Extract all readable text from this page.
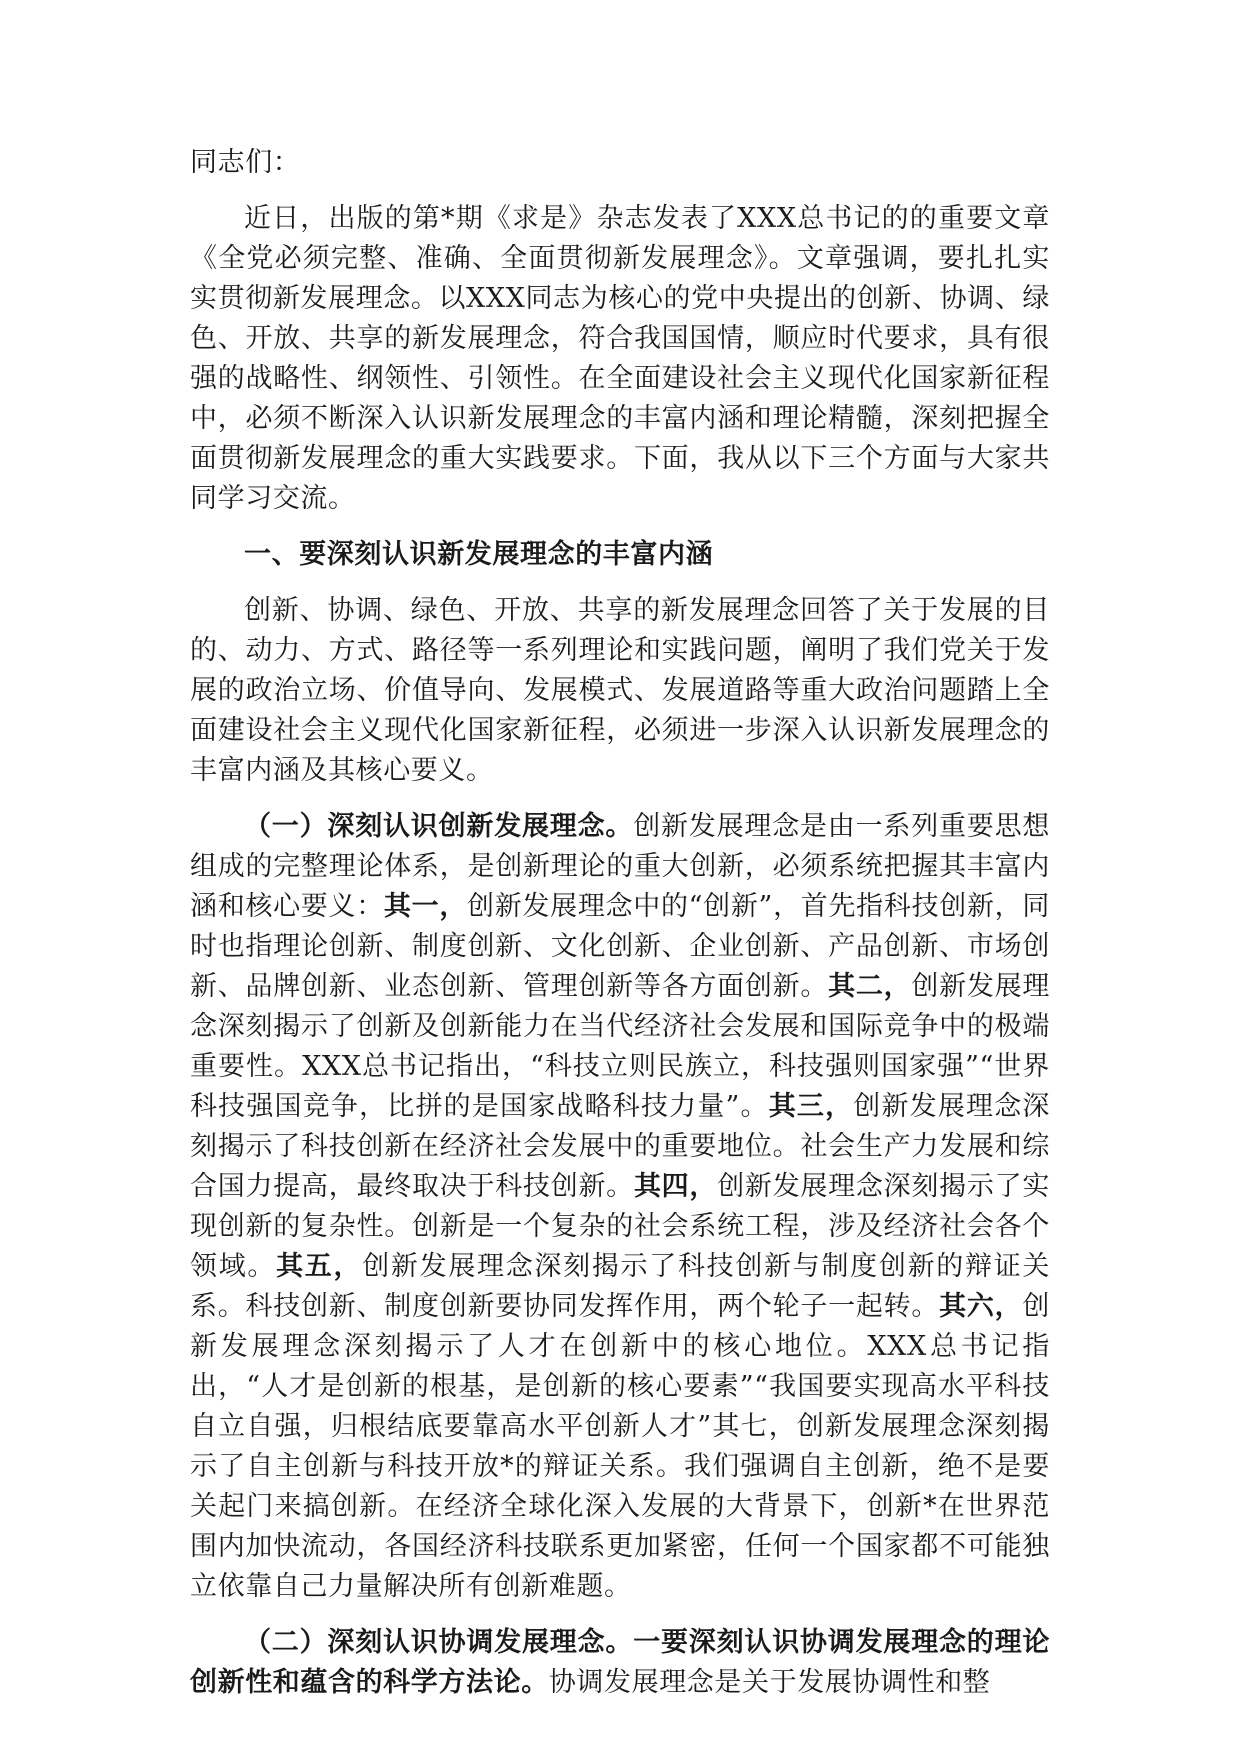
同志们：

近日，出版的第*期《求是》杂志发表了XXX总书记的的重要文章《全党必须完整、准确、全面贯彻新发展理念》。文章强调，要扎扎实实贯彻新发展理念。以XXX同志为核心的党中央提出的创新、协调、绿色、开放、共享的新发展理念，符合我国国情，顺应时代要求，具有很强的战略性、纲领性、引领性。在全面建设社会主义现代化国家新征程中，必须不断深入认识新发展理念的丰富内涵和理论精髓，深刻把握全面贯彻新发展理念的重大实践要求。下面，我从以下三个方面与大家共同学习交流。

一、要深刻认识新发展理念的丰富内涵

创新、协调、绿色、开放、共享的新发展理念回答了关于发展的目的、动力、方式、路径等一系列理论和实践问题，阐明了我们党关于发展的政治立场、价值导向、发展模式、发展道路等重大政治问题踏上全面建设社会主义现代化国家新征程，必须进一步深入认识新发展理念的丰富内涵及其核心要义。

（一）深刻认识创新发展理念。创新发展理念是由一系列重要思想组成的完整理论体系，是创新理论的重大创新，必须系统把握其丰富内涵和核心要义：其一，创新发展理念中的“创新”，首先指科技创新，同时也指理论创新、制度创新、文化创新、企业创新、产品创新、市场创新、品牌创新、业态创新、管理创新等各方面创新。其二，创新发展理念深刻揭示了创新及创新能力在当代经济社会发展和国际竞争中的极端重要性。XXX总书记指出，“科技立则民族立，科技强则国家强”“世界科技强国竞争，比拼的是国家战略科技力量”。其三，创新发展理念深刻揭示了科技创新在经济社会发展中的重要地位。社会生产力发展和综合国力提高，最终取决于科技创新。其四，创新发展理念深刻揭示了实现创新的复杂性。创新是一个复杂的社会系统工程，涉及经济社会各个领域。其五，创新发展理念深刻揭示了科技创新与制度创新的辩证关系。科技创新、制度创新要协同发挥作用，两个轮子一起转。其六，创新发展理念深刻揭示了人才在创新中的核心地位。XXX总书记指出，“人才是创新的根基，是创新的核心要素”“我国要实现高水平科技自立自强，归根结底要靠高水平创新人才”其七，创新发展理念深刻揭示了自主创新与科技开放*的辩证关系。我们强调自主创新，绝不是要关起门来搞创新。在经济全球化深入发展的大背景下，创新*在世界范围内加快流动，各国经济科技联系更加紧密，任何一个国家都不可能独立依靠自己力量解决所有创新难题。

（二）深刻认识协调发展理念。一要深刻认识协调发展理念的理论创新性和蕴含的科学方法论。协调发展理念是关于发展协调性和整
